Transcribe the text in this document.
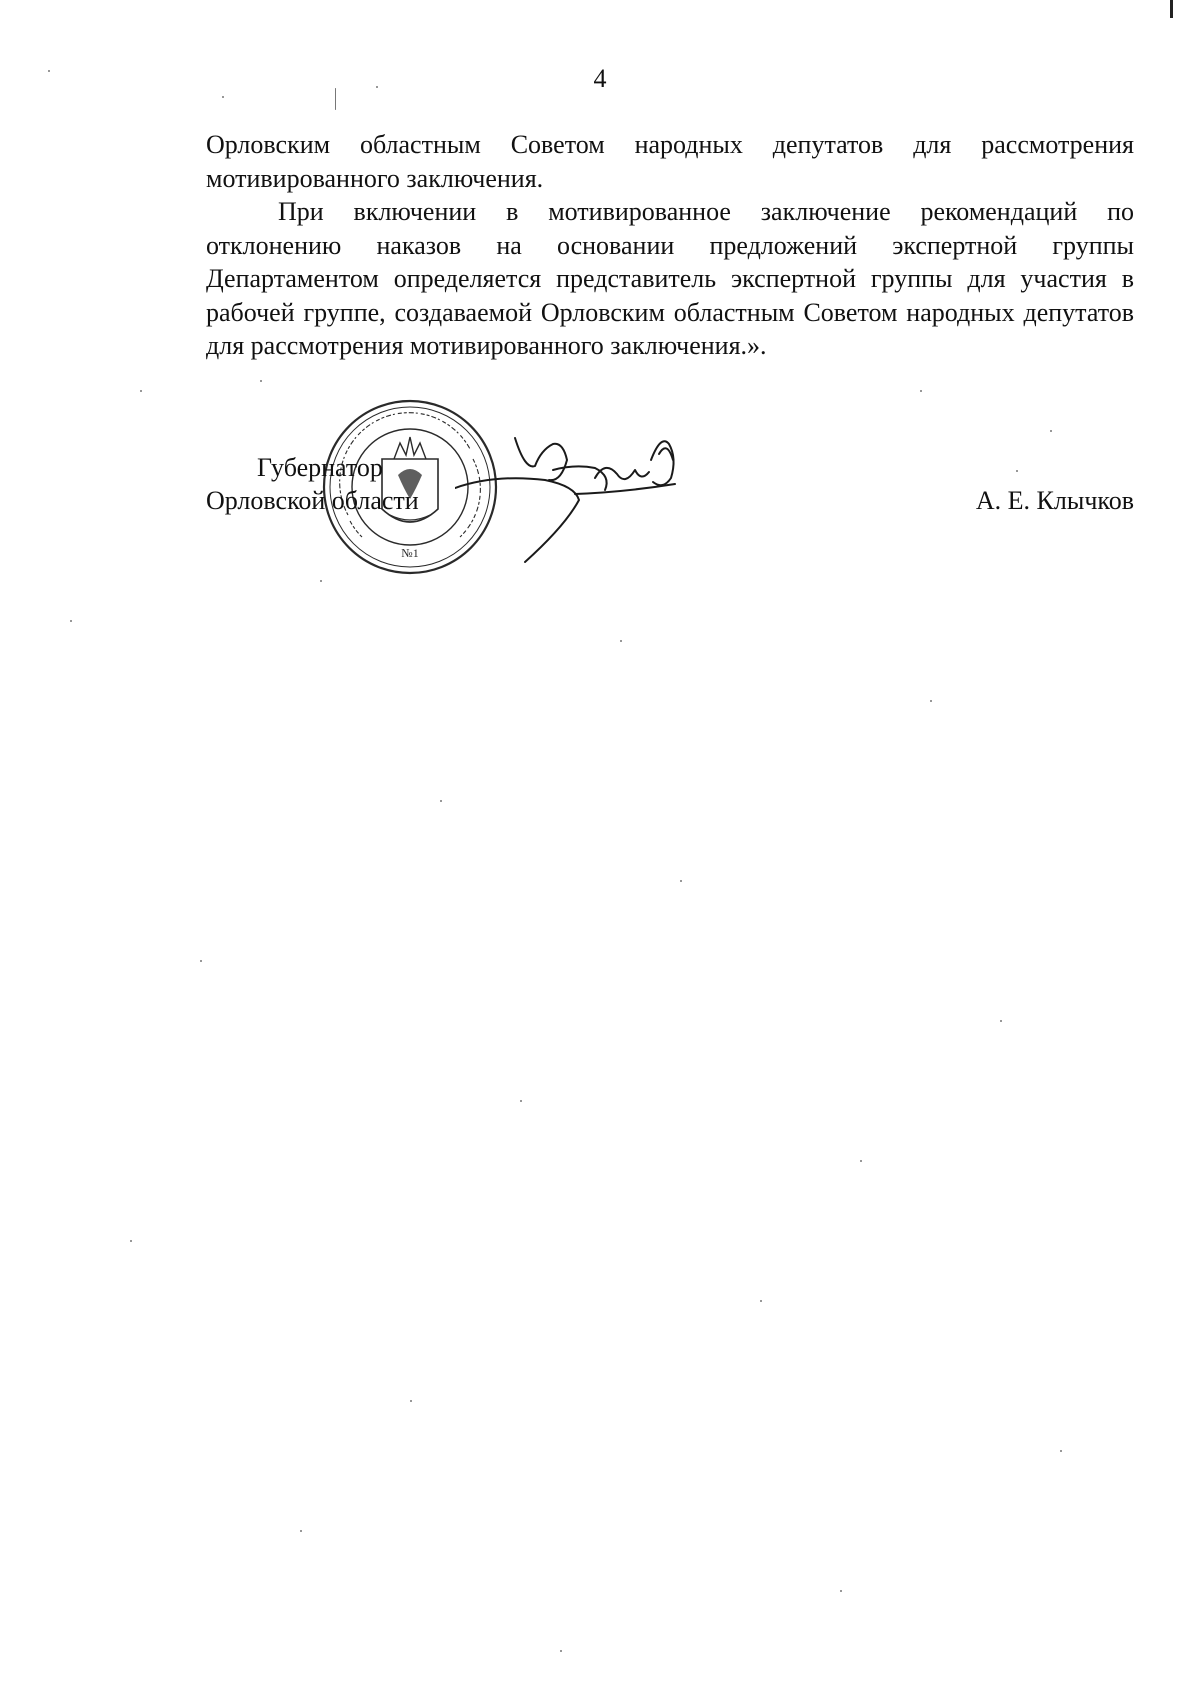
4

Орловским областным Советом народных депутатов для рассмотрения мотивированного заключения.

При включении в мотивированное заключение рекомендаций по отклонению наказов на основании предложений экспертной группы Департаментом определяется представитель экспертной группы для участия в рабочей группе, создаваемой Орловским областным Советом народных депутатов для рассмотрения мотивированного заключения.».

№1
Губернатор
Орловской области	А. Е. Клычков
